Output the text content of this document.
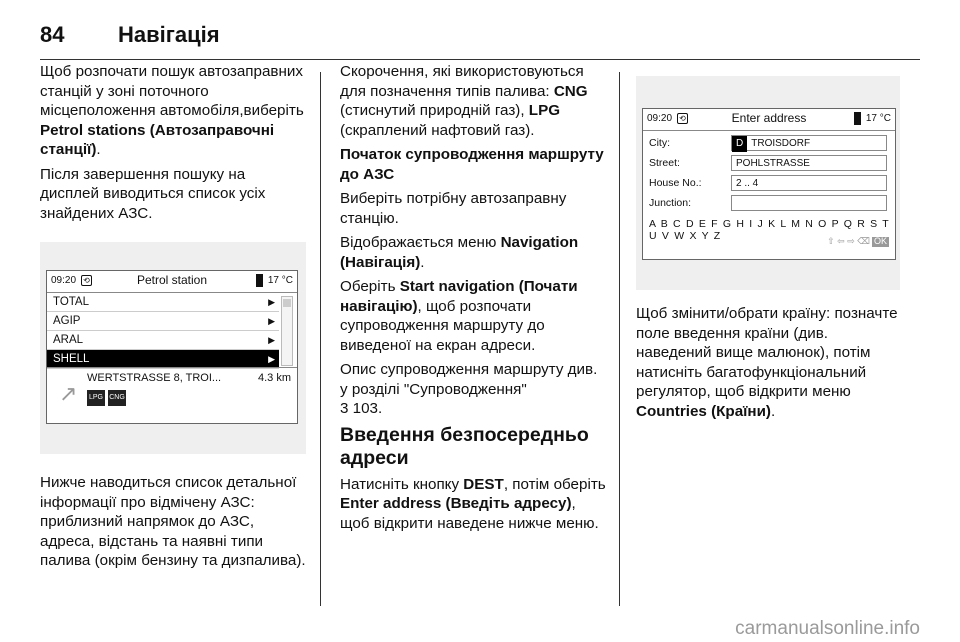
84 Навігація

Щоб розпочати пошук автозаправних станцій у зоні поточного місцеположення автомобіля,виберіть Petrol stations (Автозаправочні станції).

Після завершення пошуку на дисплей виводиться список усіх знайдених АЗС.

09:20 ⟲	Petrol station	17 °C
TOTAL	▶
AGIP	▶
ARAL	▶
SHELL	▶
↗
WERTSTRASSE 8, TROI...	4.3 km
LPG CNG

Нижче наводиться список детальної інформації про відмічену АЗС: приблизний напрямок до АЗС, адреса, відстань та наявні типи палива (окрім бензину та дизпалива).

Скорочення, які використовуються для позначення типів палива: CNG (стиснутий природній газ), LPG (скраплений нафтовий газ).

Початок супроводження маршруту до АЗС

Виберіть потрібну автозаправну станцію.

Відображається меню Navigation (Навігація).

Оберіть Start navigation (Почати навігацію), щоб розпочати супроводження маршруту до виведеної на екран адреси.

Опис супроводження маршруту див. у розділі "Супроводження"
3 103.

Введення безпосередньо адреси

Натисніть кнопку DEST, потім оберіть Enter address (Введіть адресу), щоб відкрити наведене нижче меню.

09:20 ⟲	Enter address	17 °C
City:	D TROISDORF
Street:	POHLSTRASSE
House No.:	2 .. 4
Junction:
A B C D E F G H I J K L M N O P Q R S T U V W X Y Z	⇧ ⇦ ⇨ ⌫ OK

Щоб змінити/обрати країну: позначте поле введення країни (див. наведений вище малюнок), потім натисніть багатофункціональний регулятор, щоб відкрити меню Countries (Країни).

carmanualsonline.info
